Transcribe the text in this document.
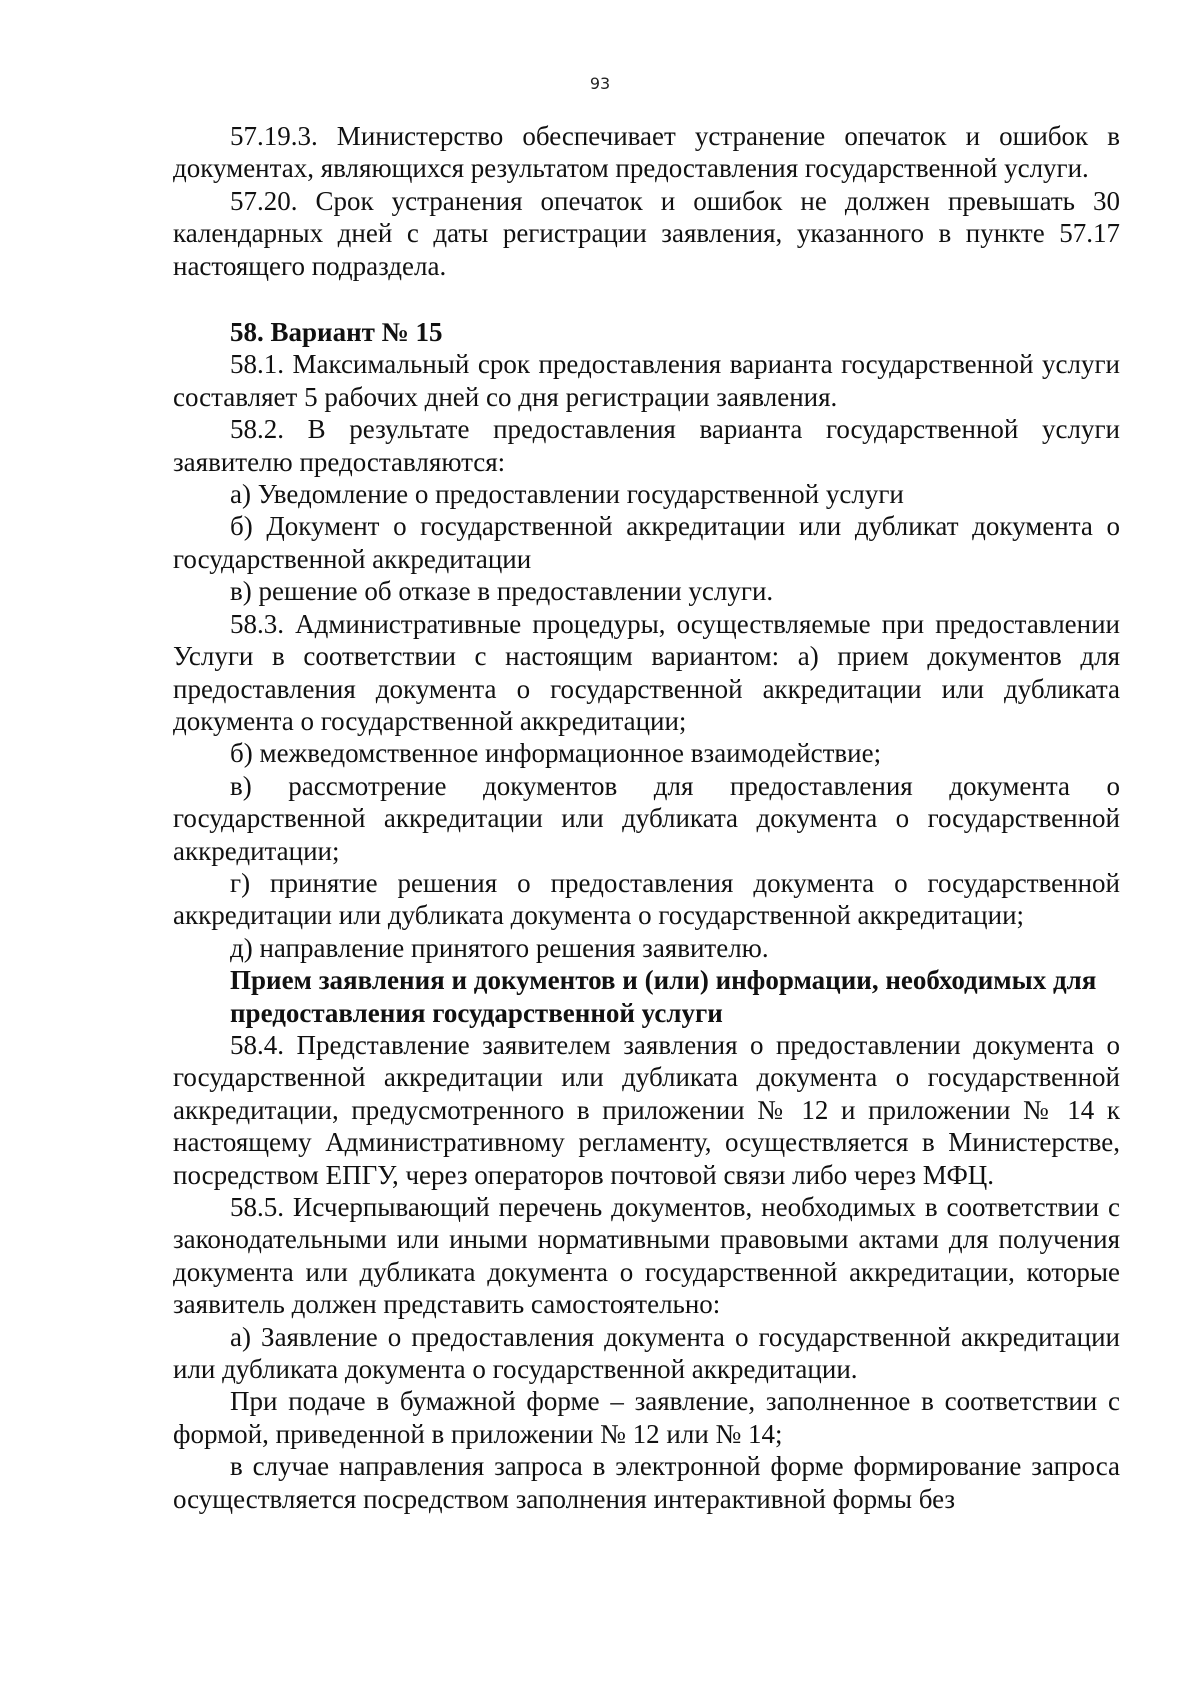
93

57.19.3. Министерство обеспечивает устранение опечаток и ошибок в документах, являющихся результатом предоставления государственной услуги.

57.20. Срок устранения опечаток и ошибок не должен превышать 30 календарных дней с даты регистрации заявления, указанного в пункте 57.17 настоящего подраздела.

58. Вариант № 15

58.1. Максимальный срок предоставления варианта государственной услуги составляет 5 рабочих дней со дня регистрации заявления.

58.2. В результате предоставления варианта государственной услуги заявителю предоставляются:

а) Уведомление о предоставлении государственной услуги

б) Документ о государственной аккредитации или дубликат документа о государственной аккредитации

в) решение об отказе в предоставлении услуги.

58.3. Административные процедуры, осуществляемые при предоставлении Услуги в соответствии с настоящим вариантом: а) прием документов для предоставления документа о государственной аккредитации или дубликата документа о государственной аккредитации;

б) межведомственное информационное взаимодействие;

в) рассмотрение документов для предоставления документа о государственной аккредитации или дубликата документа о государственной аккредитации;

г) принятие решения о предоставления документа о государственной аккредитации или дубликата документа о государственной аккредитации;

д) направление принятого решения заявителю.

Прием заявления и документов и (или) информации, необходимых для предоставления государственной услуги

58.4. Представление заявителем заявления о предоставлении документа о государственной аккредитации или дубликата документа о государственной аккредитации, предусмотренного в приложении № 12 и приложении № 14 к настоящему Административному регламенту, осуществляется в Министерстве, посредством ЕПГУ, через операторов почтовой связи либо через МФЦ.

58.5. Исчерпывающий перечень документов, необходимых в соответствии с законодательными или иными нормативными правовыми актами для получения документа или дубликата документа о государственной аккредитации, которые заявитель должен представить самостоятельно:

а) Заявление о предоставления документа о государственной аккредитации или дубликата документа о государственной аккредитации.

При подаче в бумажной форме – заявление, заполненное в соответствии с формой, приведенной в приложении № 12 или № 14;

в случае направления запроса в электронной форме формирование запроса осуществляется посредством заполнения интерактивной формы без
